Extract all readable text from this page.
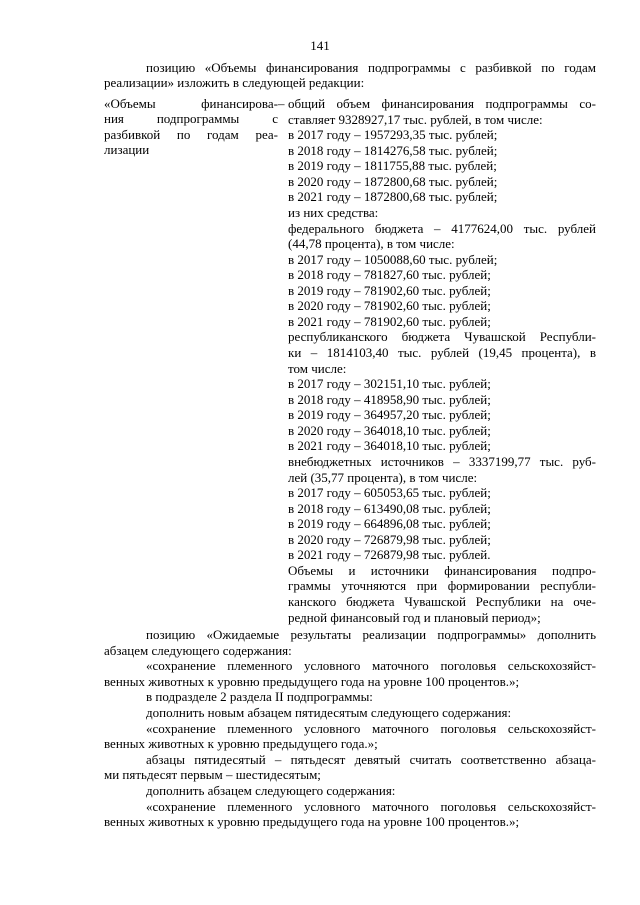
141
позицию «Объемы финансирования подпрограммы с разбивкой по годам
реализации» изложить в следующей редакции:
«Объемы финансирова-
ния подпрограммы с
разбивкой по годам реа-
лизации
– общий объем финансирования подпрограммы со-
ставляет 9328927,17 тыс. рублей, в том числе:
в 2017 году – 1957293,35 тыс. рублей;
в 2018 году – 1814276,58 тыс. рублей;
в 2019 году – 1811755,88 тыс. рублей;
в 2020 году – 1872800,68 тыс. рублей;
в 2021 году – 1872800,68 тыс. рублей;
из них средства:
федерального бюджета – 4177624,00 тыс. рублей
(44,78 процента), в том числе:
в 2017 году – 1050088,60 тыс. рублей;
в 2018 году – 781827,60 тыс. рублей;
в 2019 году – 781902,60 тыс. рублей;
в 2020 году – 781902,60 тыс. рублей;
в 2021 году – 781902,60 тыс. рублей;
республиканского бюджета Чувашской Республи-
ки – 1814103,40 тыс. рублей (19,45 процента), в
том числе:
в 2017 году – 302151,10 тыс. рублей;
в 2018 году – 418958,90 тыс. рублей;
в 2019 году – 364957,20 тыс. рублей;
в 2020 году – 364018,10 тыс. рублей;
в 2021 году – 364018,10 тыс. рублей;
внебюджетных источников – 3337199,77 тыс. руб-
лей (35,77 процента), в том числе:
в 2017 году – 605053,65 тыс. рублей;
в 2018 году – 613490,08 тыс. рублей;
в 2019 году – 664896,08 тыс. рублей;
в 2020 году – 726879,98 тыс. рублей;
в 2021 году – 726879,98 тыс. рублей.
Объемы и источники финансирования подпро-
граммы уточняются при формировании республи-
канского бюджета Чувашской Республики на оче-
редной финансовый год и плановый период»;
позицию «Ожидаемые результаты реализации подпрограммы» дополнить
абзацем следующего содержания:
«сохранение племенного условного маточного поголовья сельскохозяйст-
венных животных к уровню предыдущего года на уровне 100 процентов.»;
в подразделе 2 раздела II подпрограммы:
дополнить новым абзацем пятидесятым следующего содержания:
«сохранение племенного условного маточного поголовья сельскохозяйст-
венных животных к уровню предыдущего года.»;
абзацы пятидесятый – пятьдесят девятый считать соответственно абзаца-
ми пятьдесят первым – шестидесятым;
дополнить абзацем следующего содержания:
«сохранение племенного условного маточного поголовья сельскохозяйст-
венных животных к уровню предыдущего года на уровне 100 процентов.»;
